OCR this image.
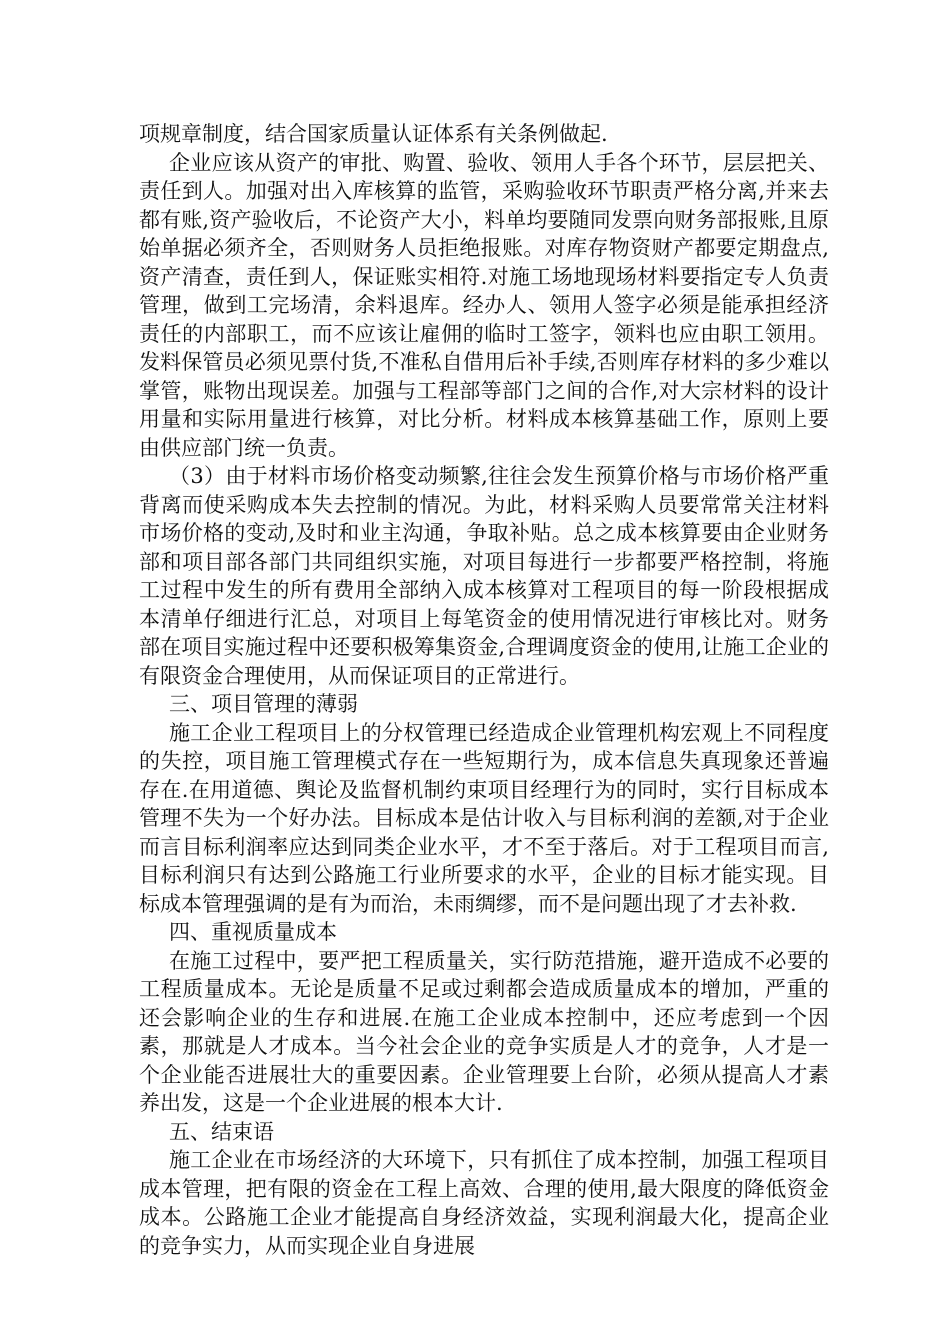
项规章制度，结合国家质量认证体系有关条例做起.

企业应该从资产的审批、购置、验收、领用人手各个环节，层层把关、责任到人。加强对出入库核算的监管，采购验收环节职责严格分离,并来去都有账,资产验收后，不论资产大小，料单均要随同发票向财务部报账,且原始单据必须齐全，否则财务人员拒绝报账。对库存物资财产都要定期盘点,资产清查，责任到人，保证账实相符.对施工场地现场材料要指定专人负责管理，做到工完场清，余料退库。经办人、领用人签字必须是能承担经济责任的内部职工，而不应该让雇佣的临时工签字，领料也应由职工领用。发料保管员必须见票付货,不准私自借用后补手续,否则库存材料的多少难以掌管，账物出现误差。加强与工程部等部门之间的合作,对大宗材料的设计用量和实际用量进行核算，对比分析。材料成本核算基础工作，原则上要由供应部门统一负责。

（3）由于材料市场价格变动频繁,往往会发生预算价格与市场价格严重背离而使采购成本失去控制的情况。为此，材料采购人员要常常关注材料市场价格的变动,及时和业主沟通，争取补贴。总之成本核算要由企业财务部和项目部各部门共同组织实施，对项目每进行一步都要严格控制，将施工过程中发生的所有费用全部纳入成本核算对工程项目的每一阶段根据成本清单仔细进行汇总，对项目上每笔资金的使用情况进行审核比对。财务部在项目实施过程中还要积极筹集资金,合理调度资金的使用,让施工企业的有限资金合理使用，从而保证项目的正常进行。

三、项目管理的薄弱

施工企业工程项目上的分权管理已经造成企业管理机构宏观上不同程度的失控，项目施工管理模式存在一些短期行为，成本信息失真现象还普遍存在.在用道德、舆论及监督机制约束项目经理行为的同时，实行目标成本管理不失为一个好办法。目标成本是估计收入与目标利润的差额,对于企业而言目标利润率应达到同类企业水平，才不至于落后。对于工程项目而言,目标利润只有达到公路施工行业所要求的水平，企业的目标才能实现。目标成本管理强调的是有为而治，未雨绸缪，而不是问题出现了才去补救.

四、重视质量成本

在施工过程中，要严把工程质量关，实行防范措施，避开造成不必要的工程质量成本。无论是质量不足或过剩都会造成质量成本的增加，严重的还会影响企业的生存和进展.在施工企业成本控制中，还应考虑到一个因素，那就是人才成本。当今社会企业的竞争实质是人才的竞争，人才是一个企业能否进展壮大的重要因素。企业管理要上台阶，必须从提高人才素养出发，这是一个企业进展的根本大计.

五、结束语

施工企业在市场经济的大环境下，只有抓住了成本控制，加强工程项目成本管理，把有限的资金在工程上高效、合理的使用,最大限度的降低资金成本。公路施工企业才能提高自身经济效益，实现利润最大化，提高企业的竞争实力，从而实现企业自身进展
